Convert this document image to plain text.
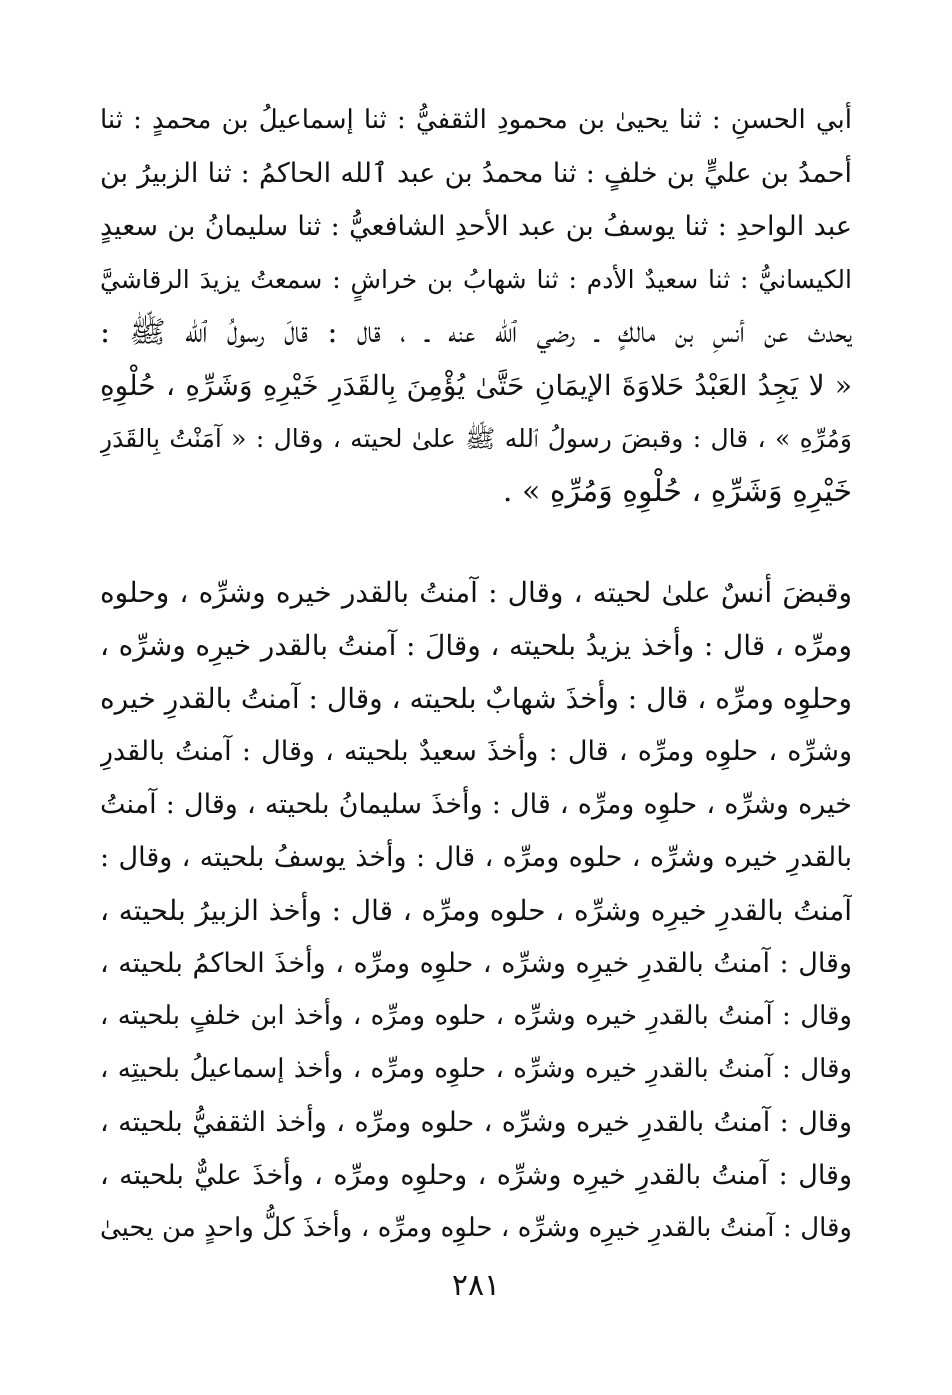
أبي الحسنِ : ثنا يحيىٰ بن محمودِ الثقفيُّ : ثنا إسماعيلُ بن محمدٍ : ثنا
أحمدُ بن عليٍّ بن خلفٍ : ثنا محمدُ بن عبد ٱلله الحاكمُ : ثنا الزبيرُ بن
عبد الواحدِ : ثنا يوسفُ بن عبد الأحدِ الشافعيُّ : ثنا سليمانُ بن سعيدٍ
الكيسانيُّ : ثنا سعيدٌ الأدم : ثنا شهابُ بن خراشٍ : سمعتُ يزيدَ الرقاشيَّ
يحدث عن أنسِ بن مالكٍ ـ رضي ٱلله عنه ـ ، قال : قالَ رسولُ ٱلله ﷺ :
« لا يَجِدُ العَبْدُ حَلاوَةَ الإيمَانِ حَتَّىٰ يُؤْمِنَ بِالقَدَرِ خَيْرِهِ وَشَرِّهِ ، حُلْوِهِ
وَمُرِّهِ » ، قال : وقبضَ رسولُ ٱلله ﷺ علىٰ لحيته ، وقال : « آمَنْتُ بِالقَدَرِ
خَيْرِهِ وَشَرِّهِ ، حُلْوِهِ وَمُرِّهِ » .
وقبضَ أنسٌ علىٰ لحيته ، وقال : آمنتُ بالقدر خيره وشرِّه ، وحلوه
ومرِّه ، قال : وأخذ يزيدُ بلحيته ، وقالَ : آمنتُ بالقدر خيرِه وشرِّه ،
وحلوِه ومرِّه ، قال : وأخذَ شهابٌ بلحيته ، وقال : آمنتُ بالقدرِ خيره
وشرِّه ، حلوِه ومرِّه ، قال : وأخذَ سعيدٌ بلحيته ، وقال : آمنتُ بالقدرِ
خيره وشرِّه ، حلوِه ومرِّه ، قال : وأخذَ سليمانُ بلحيته ، وقال : آمنتُ
بالقدرِ خيره وشرِّه ، حلوه ومرِّه ، قال : وأخذ يوسفُ بلحيته ، وقال :
آمنتُ بالقدرِ خيرِه وشرِّه ، حلوه ومرِّه ، قال : وأخذ الزبيرُ بلحيته ،
وقال : آمنتُ بالقدرِ خيرِه وشرِّه ، حلوِه ومرِّه ، وأخذَ الحاكمُ بلحيته ،
وقال : آمنتُ بالقدرِ خيره وشرِّه ، حلوه ومرِّه ، وأخذ ابن خلفٍ بلحيته ،
وقال : آمنتُ بالقدرِ خيره وشرِّه ، حلوِه ومرِّه ، وأخذ إسماعيلُ بلحيتِه ،
وقال : آمنتُ بالقدرِ خيره وشرِّه ، حلوه ومرِّه ، وأخذ الثقفيُّ بلحيته ،
وقال : آمنتُ بالقدرِ خيرِه وشرِّه ، وحلوِه ومرِّه ، وأخذَ عليٌّ بلحيته ،
وقال : آمنتُ بالقدرِ خيرِه وشرِّه ، حلوِه ومرِّه ، وأخذَ كلُّ واحدٍ من يحيىٰ
٢٨١
